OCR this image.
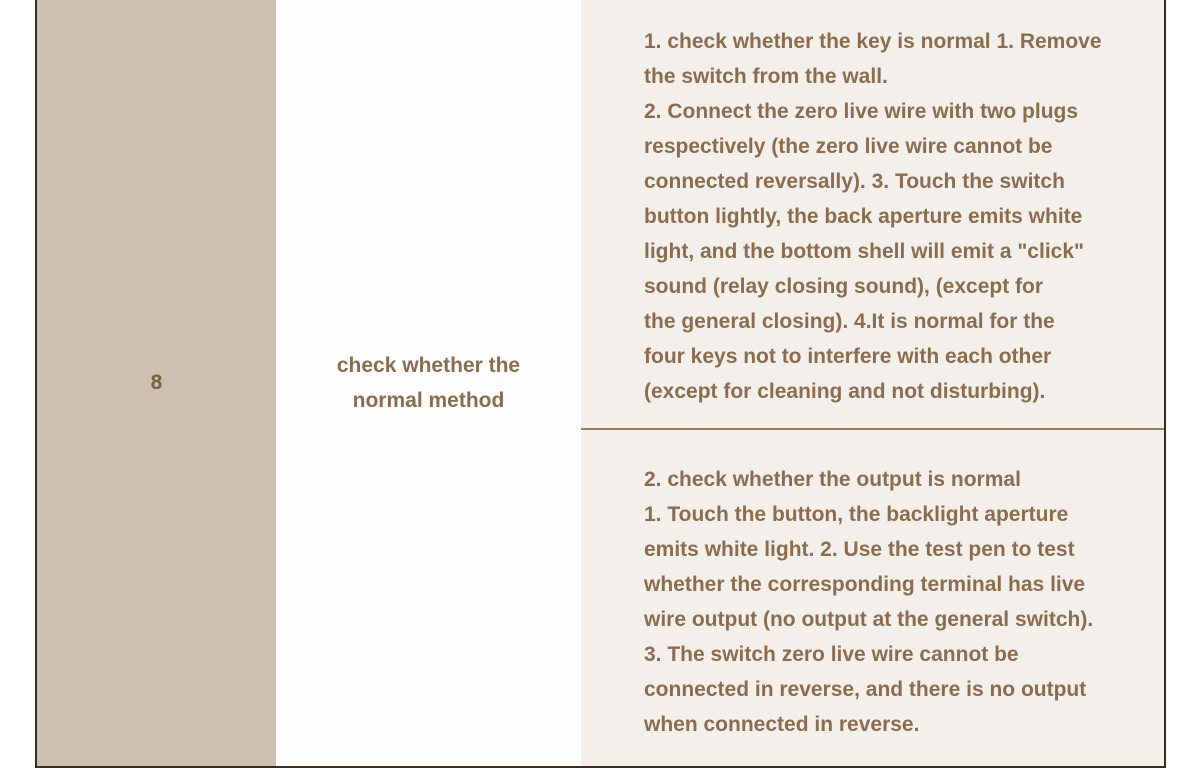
8
check whether the
normal method
1. check whether the key is normal 1. Remove
the switch from the wall.
2. Connect the zero live wire with two plugs
respectively (the zero live wire cannot be
connected reversally). 3. Touch the switch
button lightly, the back aperture emits white
light, and the bottom shell will emit a "click"
sound (relay closing sound), (except for
the general closing). 4.It is normal for the
four keys not to interfere with each other
(except for cleaning and not disturbing).
2. check whether the output is normal
1. Touch the button, the backlight aperture
emits white light. 2. Use the test pen to test
whether the corresponding terminal has live
wire output (no output at the general switch).
3. The switch zero live wire cannot be
connected in reverse, and there is no output
when connected in reverse.
